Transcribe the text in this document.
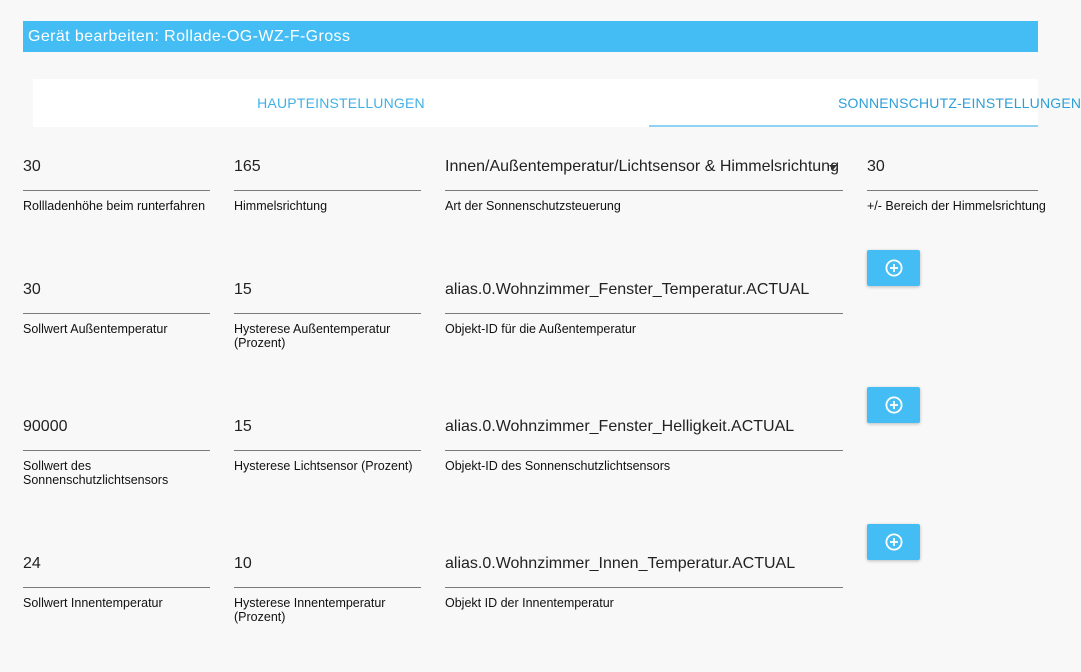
Gerät bearbeiten: Rollade-OG-WZ-F-Gross
HAUPTEINSTELLUNGEN	SONNENSCHUTZ-EINSTELLUNGEN
30
Rollladenhöhe beim runterfahren
165
Himmelsrichtung
Innen/Außentemperatur/Lichtsensor & Himmelsrichtung
Art der Sonnenschutzsteuerung
30
+/- Bereich der Himmelsrichtung
30
Sollwert Außentemperatur
15
Hysterese Außentemperatur (Prozent)
alias.0.Wohnzimmer_Fenster_Temperatur.ACTUAL
Objekt-ID für die Außentemperatur
90000
Sollwert des Sonnenschutzlichtsensors
15
Hysterese Lichtsensor (Prozent)
alias.0.Wohnzimmer_Fenster_Helligkeit.ACTUAL
Objekt-ID des Sonnenschutzlichtsensors
24
Sollwert Innentemperatur
10
Hysterese Innentemperatur (Prozent)
alias.0.Wohnzimmer_Innen_Temperatur.ACTUAL
Objekt ID der Innentemperatur
